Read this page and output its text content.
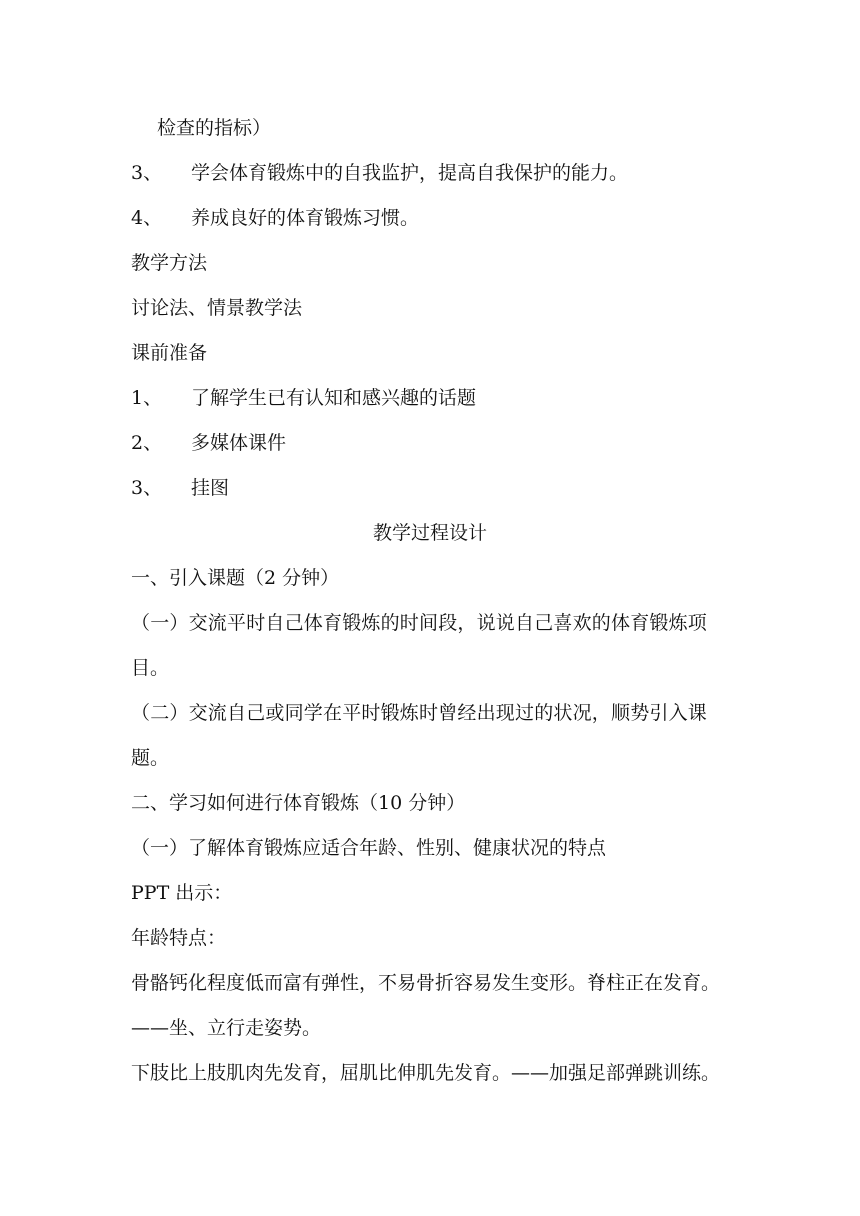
检查的指标）
3、 学会体育锻炼中的自我监护，提高自我保护的能力。
4、 养成良好的体育锻炼习惯。
教学方法
讨论法、情景教学法
课前准备
1、 了解学生已有认知和感兴趣的话题
2、 多媒体课件
3、 挂图
教学过程设计
一、引入课题（2 分钟）
（一）交流平时自己体育锻炼的时间段，说说自己喜欢的体育锻炼项
目。
（二）交流自己或同学在平时锻炼时曾经出现过的状况，顺势引入课
题。
二、学习如何进行体育锻炼（10 分钟）
（一）了解体育锻炼应适合年龄、性别、健康状况的特点
PPT 出示：
年龄特点：
骨骼钙化程度低而富有弹性，不易骨折容易发生变形。脊柱正在发育。
——坐、立行走姿势。
下肢比上肢肌肉先发育，屈肌比伸肌先发育。——加强足部弹跳训练。
